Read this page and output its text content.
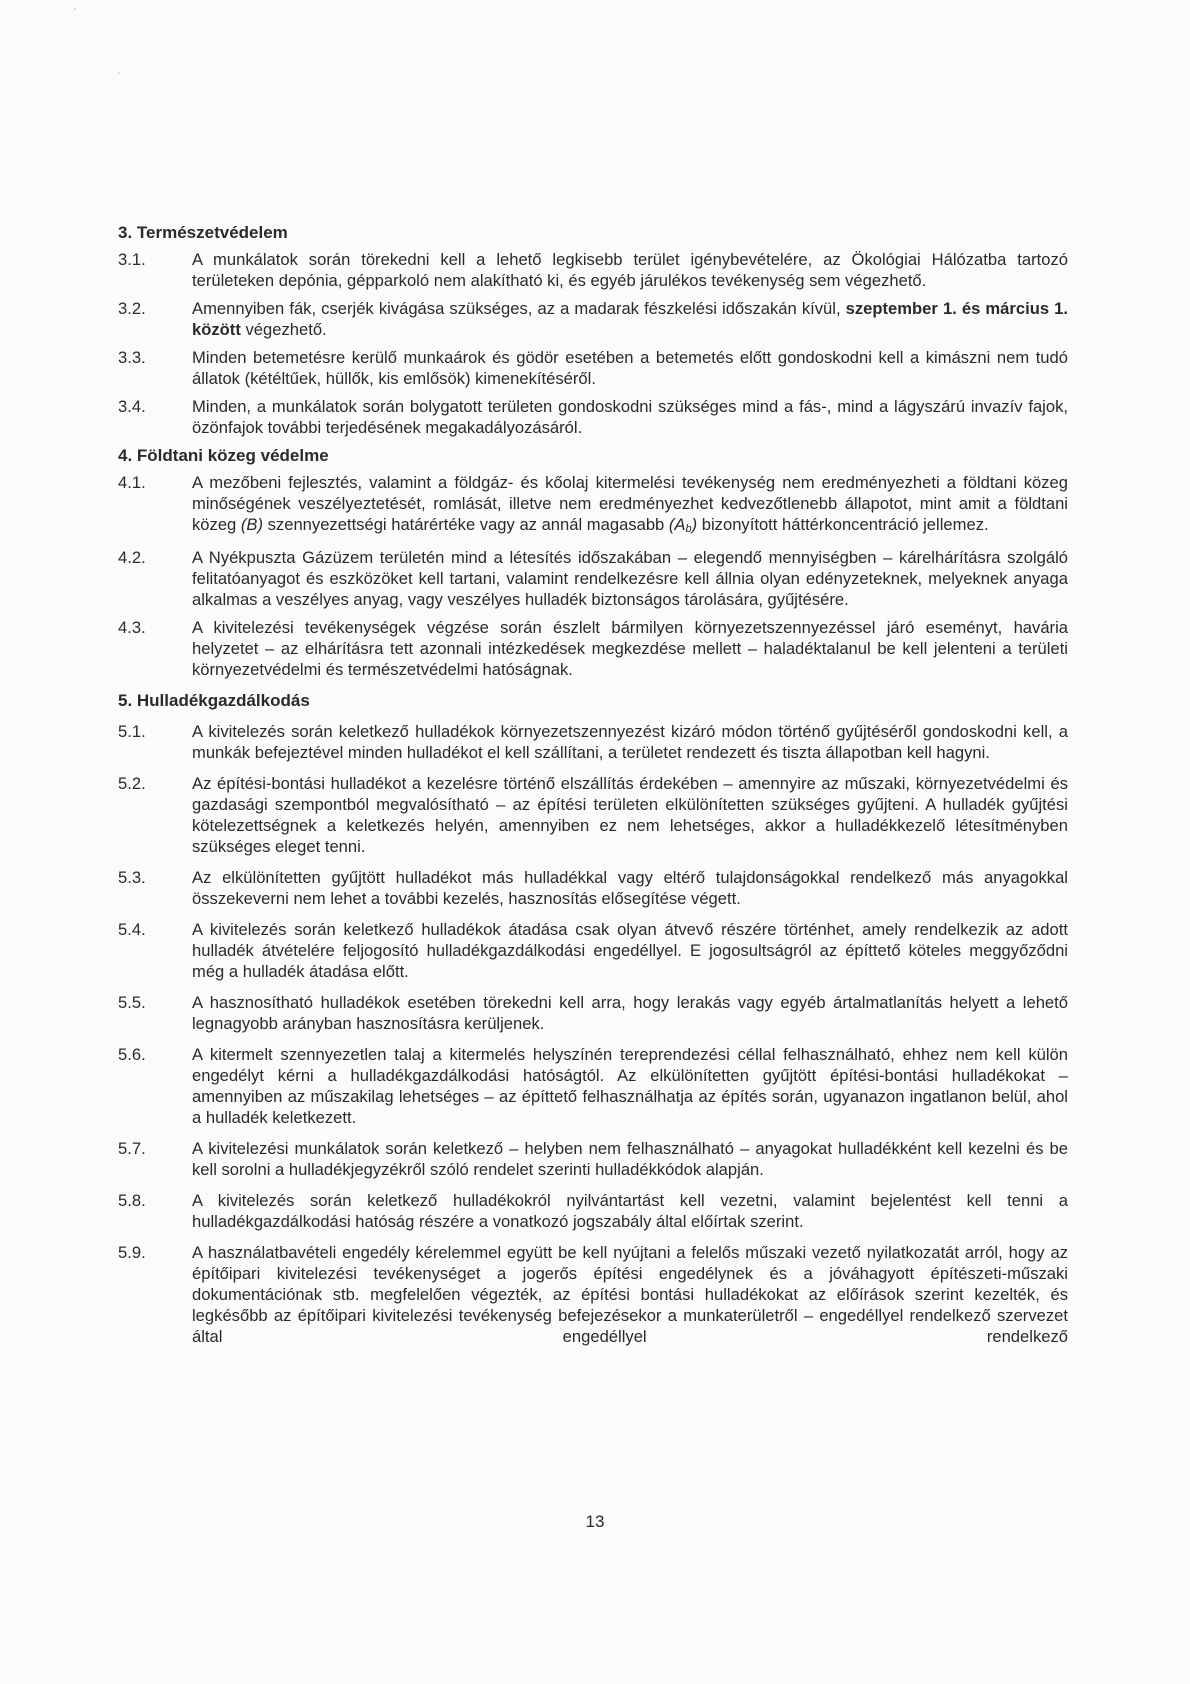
3. Természetvédelem
3.1.	A munkálatok során törekedni kell a lehető legkisebb terület igénybevételére, az Ökológiai Hálózatba tartozó területeken depónia, gépparkoló nem alakítható ki, és egyéb járulékos tevékenység sem végezhető.
3.2.	Amennyiben fák, cserjék kivágása szükséges, az a madarak fészkelési időszakán kívül, szeptember 1. és március 1. között végezhető.
3.3.	Minden betemetésre kerülő munkaárok és gödör esetében a betemetés előtt gondoskodni kell a kimászni nem tudó állatok (kétéltűek, hüllők, kis emlősök) kimenekítéséről.
3.4.	Minden, a munkálatok során bolygatott területen gondoskodni szükséges mind a fás-, mind a lágyszárú invazív fajok, özönfajok további terjedésének megakadályozásáról.
4. Földtani közeg védelme
4.1.	A mezőbeni fejlesztés, valamint a földgáz- és kőolaj kitermelési tevékenység nem eredményezheti a földtani közeg minőségének veszélyeztetését, romlását, illetve nem eredményezhet kedvezőtlenebb állapotot, mint amit a földtani közeg (B) szennyezettségi határértéke vagy az annál magasabb $(A_b)$ bizonyított háttérkoncentráció jellemez.
4.2.	A Nyékpuszta Gázüzem területén mind a létesítés időszakában – elegendő mennyiségben – kárelhárításra szolgáló felitatóanyagot és eszközöket kell tartani, valamint rendelkezésre kell állnia olyan edényzeteknek, melyeknek anyaga alkalmas a veszélyes anyag, vagy veszélyes hulladék biztonságos tárolására, gyűjtésére.
4.3.	A kivitelezési tevékenységek végzése során észlelt bármilyen környezetszennyezéssel járó eseményt, havária helyzetet – az elhárításra tett azonnali intézkedések megkezdése mellett – haladéktalanul be kell jelenteni a területi környezetvédelmi és természetvédelmi hatóságnak.
5. Hulladékgazdálkodás
5.1.	A kivitelezés során keletkező hulladékok környezetszennyezést kizáró módon történő gyűjtéséről gondoskodni kell, a munkák befejeztével minden hulladékot el kell szállítani, a területet rendezett és tiszta állapotban kell hagyni.
5.2.	Az építési-bontási hulladékot a kezelésre történő elszállítás érdekében – amennyire az műszaki, környezetvédelmi és gazdasági szempontból megvalósítható – az építési területen elkülönítetten szükséges gyűjteni. A hulladék gyűjtési kötelezettségnek a keletkezés helyén, amennyiben ez nem lehetséges, akkor a hulladékkezelő létesítményben szükséges eleget tenni.
5.3.	Az elkülönítetten gyűjtött hulladékot más hulladékkal vagy eltérő tulajdonságokkal rendelkező más anyagokkal összekeverni nem lehet a további kezelés, hasznosítás elősegítése végett.
5.4.	A kivitelezés során keletkező hulladékok átadása csak olyan átvevő részére történhet, amely rendelkezik az adott hulladék átvételére feljogosító hulladékgazdálkodási engedéllyel. E jogosultságról az építtető köteles meggyőződni még a hulladék átadása előtt.
5.5.	A hasznosítható hulladékok esetében törekedni kell arra, hogy lerakás vagy egyéb ártalmatlanítás helyett a lehető legnagyobb arányban hasznosításra kerüljenek.
5.6.	A kitermelt szennyezetlen talaj a kitermelés helyszínén tereprendezési céllal felhasználható, ehhez nem kell külön engedélyt kérni a hulladékgazdálkodási hatóságtól. Az elkülönítetten gyűjtött építési-bontási hulladékokat – amennyiben az műszakilag lehetséges – az építtető felhasználhatja az építés során, ugyanazon ingatlanon belül, ahol a hulladék keletkezett.
5.7.	A kivitelezési munkálatok során keletkező – helyben nem felhasználható – anyagokat hulladékként kell kezelni és be kell sorolni a hulladékjegyzékről szóló rendelet szerinti hulladékkódok alapján.
5.8.	A kivitelezés során keletkező hulladékokról nyilvántartást kell vezetni, valamint bejelentést kell tenni a hulladékgazdálkodási hatóság részére a vonatkozó jogszabály által előírtak szerint.
5.9.	A használatbavételi engedély kérelemmel együtt be kell nyújtani a felelős műszaki vezető nyilatkozatát arról, hogy az építőipari kivitelezési tevékenységet a jogerős építési engedélynek és a jóváhagyott építészeti-műszaki dokumentációnak stb. megfelelően végezték, az építési bontási hulladékokat az előírások szerint kezelték, és legkésőbb az építőipari kivitelezési tevékenység befejezésekor a munkaterületről – engedéllyel rendelkező szervezet által engedéllyel rendelkező
13
